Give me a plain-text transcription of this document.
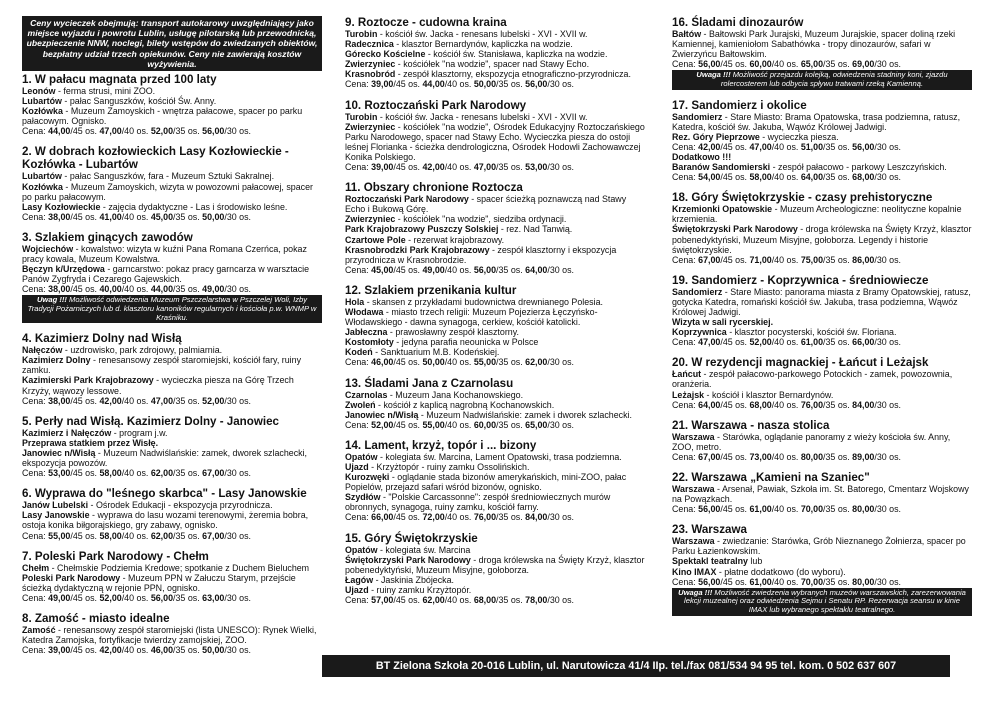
Ceny wycieczek obejmują: transport autokarowy uwzględniający jako miejsce wyjazdu i powrotu Lublin, usługę pilotarską lub przewodnicką, ubezpieczenie NNW, noclegi, bilety wstępów do zwiedzanych obiektów, bezpłatny udział trzech opiekunów. Ceny nie zawierają kosztów wyżywienia.
1. W pałacu magnata przed 100 laty
Leonów - ferma strusi, mini ZOO.
Lubartów - pałac Sanguszków, kościół Św. Anny.
Kozłówka - Muzeum Zamoyskich - wnętrza pałacowe, spacer po parku pałacowym. Ognisko.
Cena: 44,00/45 os. 47,00/40 os. 52,00/35 os. 56,00/30 os.
2. W dobrach kozłowieckich Lasy Kozłowieckie - Kozłówka - Lubartów
Lubartów - pałac Sanguszków, fara - Muzeum Sztuki Sakralnej.
Kozłówka - Muzeum Zamoyskich, wizyta w powozowni pałacowej, spacer po parku pałacowym.
Lasy Kozłowieckie - zajęcia dydaktyczne - Las i środowisko leśne.
Cena: 38,00/45 os. 41,00/40 os. 45,00/35 os. 50,00/30 os.
3. Szlakiem ginących zawodów
Wojciechów - kowalstwo: wizyta w kuźni Pana Romana Czerńca, pokaz pracy kowala, Muzeum Kowalstwa.
Bęczyn k/Urzędowa - garncarstwo: pokaz pracy garncarza w warsztacie Panów Zygfryda i Cezarego Gajewskich.
Cena: 38,00/45 os. 40,00/40 os. 44,00/35 os. 49,00/30 os.
Uwag !!! Możliwość odwiedzenia Muzeum Pszczelarstwa w Pszczelej Woli, Izby Tradycji Pożarniczych lub d. klasztoru kanoników regularnych i kościoła p.w. WNMP w Kraśniku.
4. Kazimierz Dolny nad Wisłą
Nałęczów - uzdrowisko, park zdrojowy, palmiarnia.
Kazimierz Dolny - renesansowy zespół staromiejski, kościół fary, ruiny zamku.
Kazimierski Park Krajobrazowy - wycieczka piesza na Górę Trzech Krzyży, wąwozy lessowe.
Cena: 38,00/45 os. 42,00/40 os. 47,00/35 os. 52,00/30 os.
5. Perły nad Wisłą. Kazimierz Dolny - Janowiec
Kazimierz i Nałęczów - program j.w.
Przeprawa statkiem przez Wisłę.
Janowiec n/Wisłą - Muzeum Nadwiślańskie: zamek, dworek szlachecki, ekspozycja powozów.
Cena: 53,00/45 os. 58,00/40 os. 62,00/35 os. 67,00/30 os.
6. Wyprawa do "leśnego skarbca" - Lasy Janowskie
Janów Lubelski - Ośrodek Edukacji - ekspozycja przyrodnicza.
Lasy Janowskie - wyprawa do lasu wozami terenowymi, żeremia bobra, ostoja konika biłgorajskiego, gry zabawy, ognisko.
Cena: 55,00/45 os. 58,00/40 os. 62,00/35 os. 67,00/30 os.
7. Poleski Park Narodowy - Chełm
Chełm - Chełmskie Podziemia Kredowe; spotkanie z Duchem Bieluchem
Poleski Park Narodowy - Muzeum PPN w Załuczu Starym, przejście ścieżką dydaktyczną w rejonie PPN, ognisko.
Cena: 49,00/45 os. 52,00/40 os. 56,00/35 os. 63,00/30 os.
8. Zamość - miasto idealne
Zamość - renesansowy zespół staromiejski (lista UNESCO): Rynek Wielki, Katedra Zamojska, fortyfikacje twierdzy zamojskiej, ZOO.
Cena: 39,00/45 os. 42,00/40 os. 46,00/35 os. 50,00/30 os.
9. Roztocze - cudowna kraina
Turobin - kościół św. Jacka - renesans lubelski - XVI - XVII w.
Radecznica - klasztor Bernardynów, kapliczka na wodzie.
Górecko Kościelne - kościół św. Stanisława, kapliczka na wodzie.
Zwierzyniec - kościółek "na wodzie", spacer nad Stawy Echo.
Krasnobród - zespół klasztorny, ekspozycja etnograficzno-przyrodnicza.
Cena: 39,00/45 os. 44,00/40 os. 50,00/35 os. 56,00/30 os.
10. Roztoczański Park Narodowy
Turobin - kościół św. Jacka - renesans lubelski - XVI - XVII w.
Zwierzyniec - kościółek "na wodzie", Ośrodek Edukacyjny Roztoczańskiego Parku Narodowego, spacer nad Stawy Echo. Wycieczka piesza do ostoji leśnej Florianka - ścieżka dendrologiczna, Ośrodek Hodowli Zachowawczej Konika Polskiego.
Cena: 39,00/45 os. 42,00/40 os. 47,00/35 os. 53,00/30 os.
11. Obszary chronione Roztocza
Roztoczański Park Narodowy - spacer ścieżką poznawczą nad Stawy Echo i Bukową Górę.
Zwierzyniec - kościółek "na wodzie", siedziba ordynacji.
Park Krajobrazowy Puszczy Solskiej - rez. Nad Tanwią.
Czartowe Pole - rezerwat krajobrazowy.
Krasnobrodzki Park Krajobrazowy - zespół klasztorny i ekspozycja przyrodnicza w Krasnobrodzie.
Cena: 45,00/45 os. 49,00/40 os. 56,00/35 os. 64,00/30 os.
12. Szlakiem przenikania kultur
Hola - skansen z przykładami budownictwa drewnianego Polesia.
Włodawa - miasto trzech religii: Muzeum Pojezierza Łęczyńsko-Włodawskiego - dawna synagoga, cerkiew, kościół katolicki.
Jabłeczna - prawosławny zespół klasztorny.
Kostomłoty - jedyna parafia neounicka w Polsce
Kodeń - Sanktuarium M.B. Kodeńskiej.
Cena: 46,00/45 os. 50,00/40 os. 55,00/35 os. 62,00/30 os.
13. Śladami Jana z Czarnolasu
Czarnolas - Muzeum Jana Kochanowskiego.
Zwoleń - kościół z kaplicą nagrobną Kochanowskich.
Janowiec n/Wisłą - Muzeum Nadwiślańskie: zamek i dworek szlachecki.
Cena: 52,00/45 os. 55,00/40 os. 60,00/35 os. 65,00/30 os.
14. Lament, krzyż, topór i ... bizony
Opatów - kolegiata św. Marcina, Lament Opatowski, trasa podziemna.
Ujazd - Krzyżtopór - ruiny zamku Ossolińskich.
Kurozwęki - oglądanie stada bizonów amerykańskich, mini-ZOO, pałac Popielów, przejazd safari wśród bizonów, ognisko.
Szydłów - "Polskie Carcassonne": zespół średniowiecznych murów obronnych, synagoga, ruiny zamku, kościół farny.
Cena: 66,00/45 os. 72,00/40 os. 76,00/35 os. 84,00/30 os.
15. Góry Świętokrzyskie
Opatów - kolegiata św. Marcina
Świętokrzyski Park Narodowy - droga królewska na Święty Krzyż, klasztor pobenedyktyński, Muzeum Misyjne, gołoborza.
Łagów - Jaskinia Zbójecka.
Ujazd - ruiny zamku Krzyżtopór.
Cena: 57,00/45 os. 62,00/40 os. 68,00/35 os. 78,00/30 os.
16. Śladami dinozaurów
Bałtów - Bałtowski Park Jurajski, Muzeum Jurajskie, spacer doliną rzeki Kamiennej, kamieniołom Sabathówka - tropy dinozaurów, safari w Zwierzyńcu Bałtowskim.
Cena: 56,00/45 os. 60,00/40 os. 65,00/35 os. 69,00/30 os.
Uwaga !!! Możliwość przejazdu kolejką, odwiedzenia stadniny koni, zjazdu rolercosterem lub odbycia spływu tratwami rzeką Kamienną.
17. Sandomierz i okolice
Sandomierz - Stare Miasto: Brama Opatowska, trasa podziemna, ratusz, Katedra, kościół św. Jakuba, Wąwóz Królowej Jadwigi.
Rez. Góry Pieprzowe - wycieczka piesza.
Cena: 42,00/45 os. 47,00/40 os. 51,00/35 os. 56,00/30 os.
Dodatkowo !!!
Baranów Sandomierski - zespół pałacowo - parkowy Leszczyńskich.
Cena: 54,00/45 os. 58,00/40 os. 64,00/35 os. 68,00/30 os.
18. Góry Świętokrzyskie - czasy prehistoryczne
Krzemionki Opatowskie - Muzeum Archeologiczne: neolityczne kopalnie krzemienia.
Świętokrzyski Park Narodowy - droga królewska na Święty Krzyż, klasztor pobenedyktyński, Muzeum Misyjne, gołoborza. Legendy i historie świętokrzyskie.
Cena: 67,00/45 os. 71,00/40 os. 75,00/35 os. 86,00/30 os.
19. Sandomierz - Koprzywnica - średniowiecze
Sandomierz - Stare Miasto: panorama miasta z Bramy Opatowskiej, ratusz, gotycka Katedra, romański kościół św. Jakuba, trasa podziemna, Wąwóz Królowej Jadwigi.
Wizyta w sali rycerskiej.
Koprzywnica - klasztor pocysterski, kościół św. Floriana.
Cena: 47,00/45 os. 52,00/40 os. 61,00/35 os. 66,00/30 os.
20. W rezydencji magnackiej - Łańcut i Leżajsk
Łańcut - zespół pałacowo-parkowego Potockich - zamek, powozownia, oranżeria.
Leżajsk - kościół i klasztor Bernardynów.
Cena: 64,00/45 os. 68,00/40 os. 76,00/35 os. 84,00/30 os.
21. Warszawa - nasza stolica
Warszawa - Starówka, oglądanie panoramy z wieży kościoła św. Anny, ZOO, metro.
Cena: 67,00/45 os. 73,00/40 os. 80,00/35 os. 89,00/30 os.
22. Warszawa „Kamieni na Szaniec"
Warszawa - Arsenał, Pawiak, Szkoła im. St. Batorego, Cmentarz Wojskowy na Powązkach.
Cena: 56,00/45 os. 61,00/40 os. 70,00/35 os. 80,00/30 os.
23. Warszawa
Warszawa - zwiedzanie: Starówka, Grób Nieznanego Żołnierza, spacer po Parku Łazienkowskim.
Spektakl teatralny lub
Kino IMAX - płatne dodatkowo (do wyboru).
Cena: 56,00/45 os. 61,00/40 os. 70,00/35 os. 80,00/30 os.
Uwaga !!! Możliwość zwiedzenia wybranych muzeów warszawskich, zarezerwowania lekcji muzealnej oraz odwiedzenia Sejmu i Senatu RP. Rezerwacja seansu w kinie IMAX lub wybranego spektaklu teatralnego.
BT Zielona Szkoła 20-016 Lublin, ul. Narutowicza 41/4 IIp. tel./fax 081/534 94 95 tel. kom. 0 502 637 607
